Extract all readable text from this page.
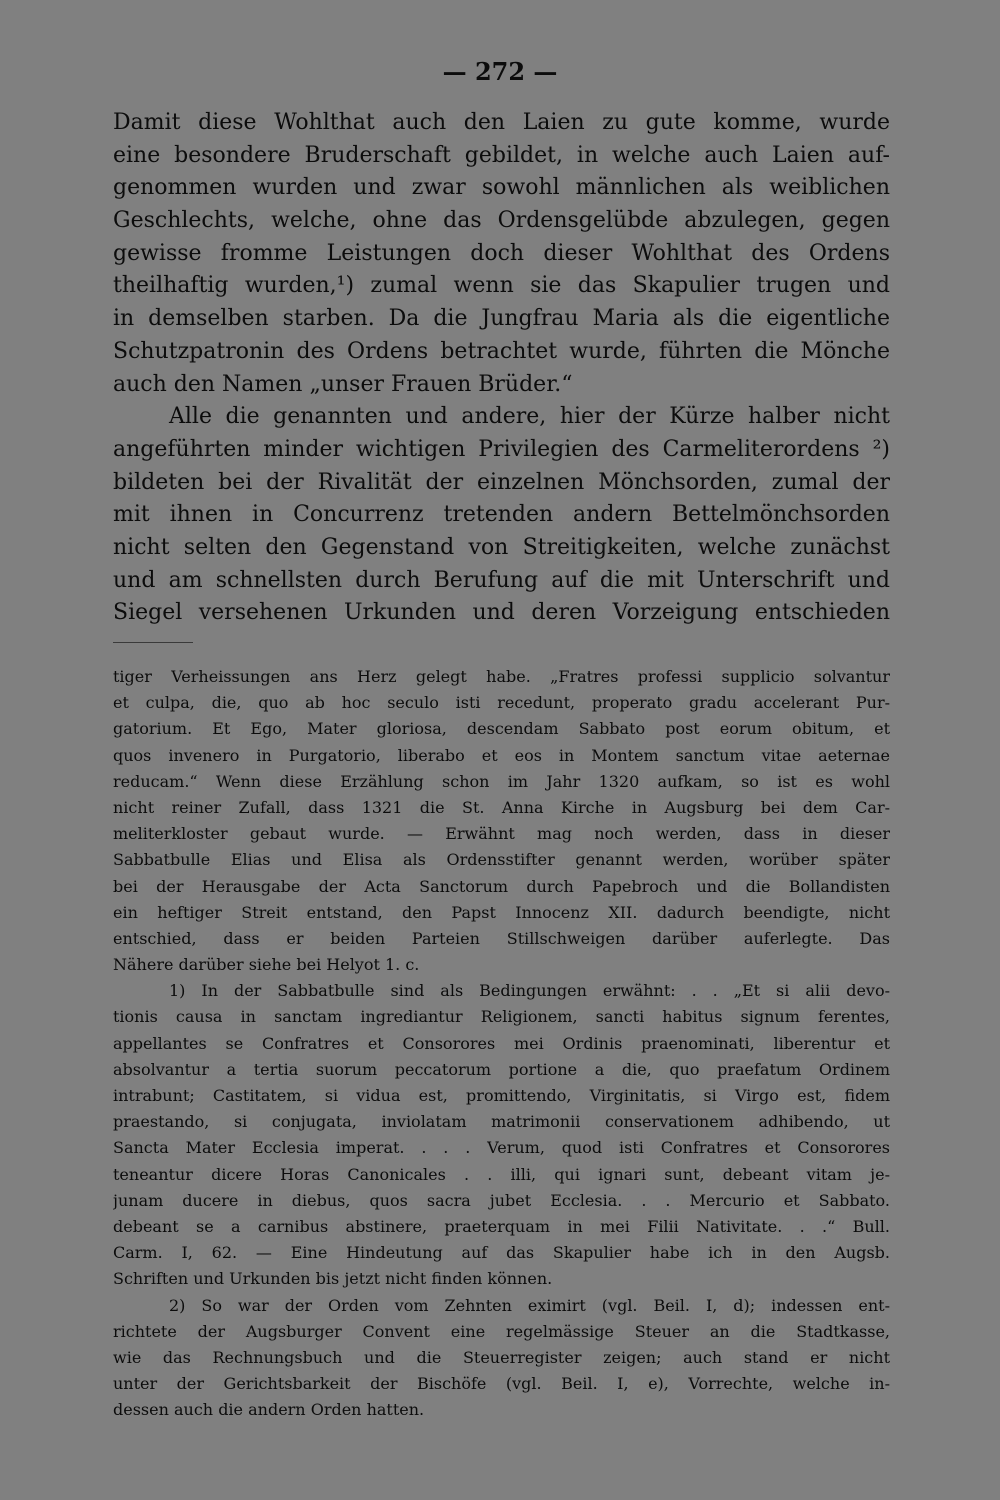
— 272 —
Damit diese Wohlthat auch den Laien zu gute komme, wurde
eine besondere Bruderschaft gebildet, in welche auch Laien auf-
genommen wurden und zwar sowohl männlichen als weiblichen
Geschlechts, welche, ohne das Ordensgelübde abzulegen, gegen
gewisse fromme Leistungen doch dieser Wohlthat des Ordens
theilhaftig wurden,¹) zumal wenn sie das Skapulier trugen und
in demselben starben. Da die Jungfrau Maria als die eigentliche
Schutzpatronin des Ordens betrachtet wurde, führten die Mönche
auch den Namen „unser Frauen Brüder.“
Alle die genannten und andere, hier der Kürze halber nicht
angeführten minder wichtigen Privilegien des Carmeliterordens ²)
bildeten bei der Rivalität der einzelnen Mönchsorden, zumal der
mit ihnen in Concurrenz tretenden andern Bettelmönchsorden
nicht selten den Gegenstand von Streitigkeiten, welche zunächst
und am schnellsten durch Berufung auf die mit Unterschrift und
Siegel versehenen Urkunden und deren Vorzeigung entschieden
tiger Verheissungen ans Herz gelegt habe. „Fratres professi supplicio solvantur
et culpa, die, quo ab hoc seculo isti recedunt, properato gradu accelerant Pur-
gatorium. Et Ego, Mater gloriosa, descendam Sabbato post eorum obitum, et
quos invenero in Purgatorio, liberabo et eos in Montem sanctum vitae aeternae
reducam.“ Wenn diese Erzählung schon im Jahr 1320 aufkam, so ist es wohl
nicht reiner Zufall, dass 1321 die St. Anna Kirche in Augsburg bei dem Car-
meliterkloster gebaut wurde. — Erwähnt mag noch werden, dass in dieser
Sabbatbulle Elias und Elisa als Ordensstifter genannt werden, worüber später
bei der Herausgabe der Acta Sanctorum durch Papebroch und die Bollandisten
ein heftiger Streit entstand, den Papst Innocenz XII. dadurch beendigte, nicht
entschied, dass er beiden Parteien Stillschweigen darüber auferlegte. Das
Nähere darüber siehe bei Helyot 1. c.
1) In der Sabbatbulle sind als Bedingungen erwähnt: . . „Et si alii devo-
tionis causa in sanctam ingrediantur Religionem, sancti habitus signum ferentes,
appellantes se Confratres et Consorores mei Ordinis praenominati, liberentur et
absolvantur a tertia suorum peccatorum portione a die, quo praefatum Ordinem
intrabunt; Castitatem, si vidua est, promittendo, Virginitatis, si Virgo est, fidem
praestando, si conjugata, inviolatam matrimonii conservationem adhibendo, ut
Sancta Mater Ecclesia imperat. . . . Verum, quod isti Confratres et Consorores
teneantur dicere Horas Canonicales . . illi, qui ignari sunt, debeant vitam je-
junam ducere in diebus, quos sacra jubet Ecclesia. . . Mercurio et Sabbato.
debeant se a carnibus abstinere, praeterquam in mei Filii Nativitate. . .“ Bull.
Carm. I, 62. — Eine Hindeutung auf das Skapulier habe ich in den Augsb.
Schriften und Urkunden bis jetzt nicht finden können.
2) So war der Orden vom Zehnten eximirt (vgl. Beil. I, d); indessen ent-
richtete der Augsburger Convent eine regelmässige Steuer an die Stadtkasse,
wie das Rechnungsbuch und die Steuerregister zeigen; auch stand er nicht
unter der Gerichtsbarkeit der Bischöfe (vgl. Beil. I, e), Vorrechte, welche in-
dessen auch die andern Orden hatten.
